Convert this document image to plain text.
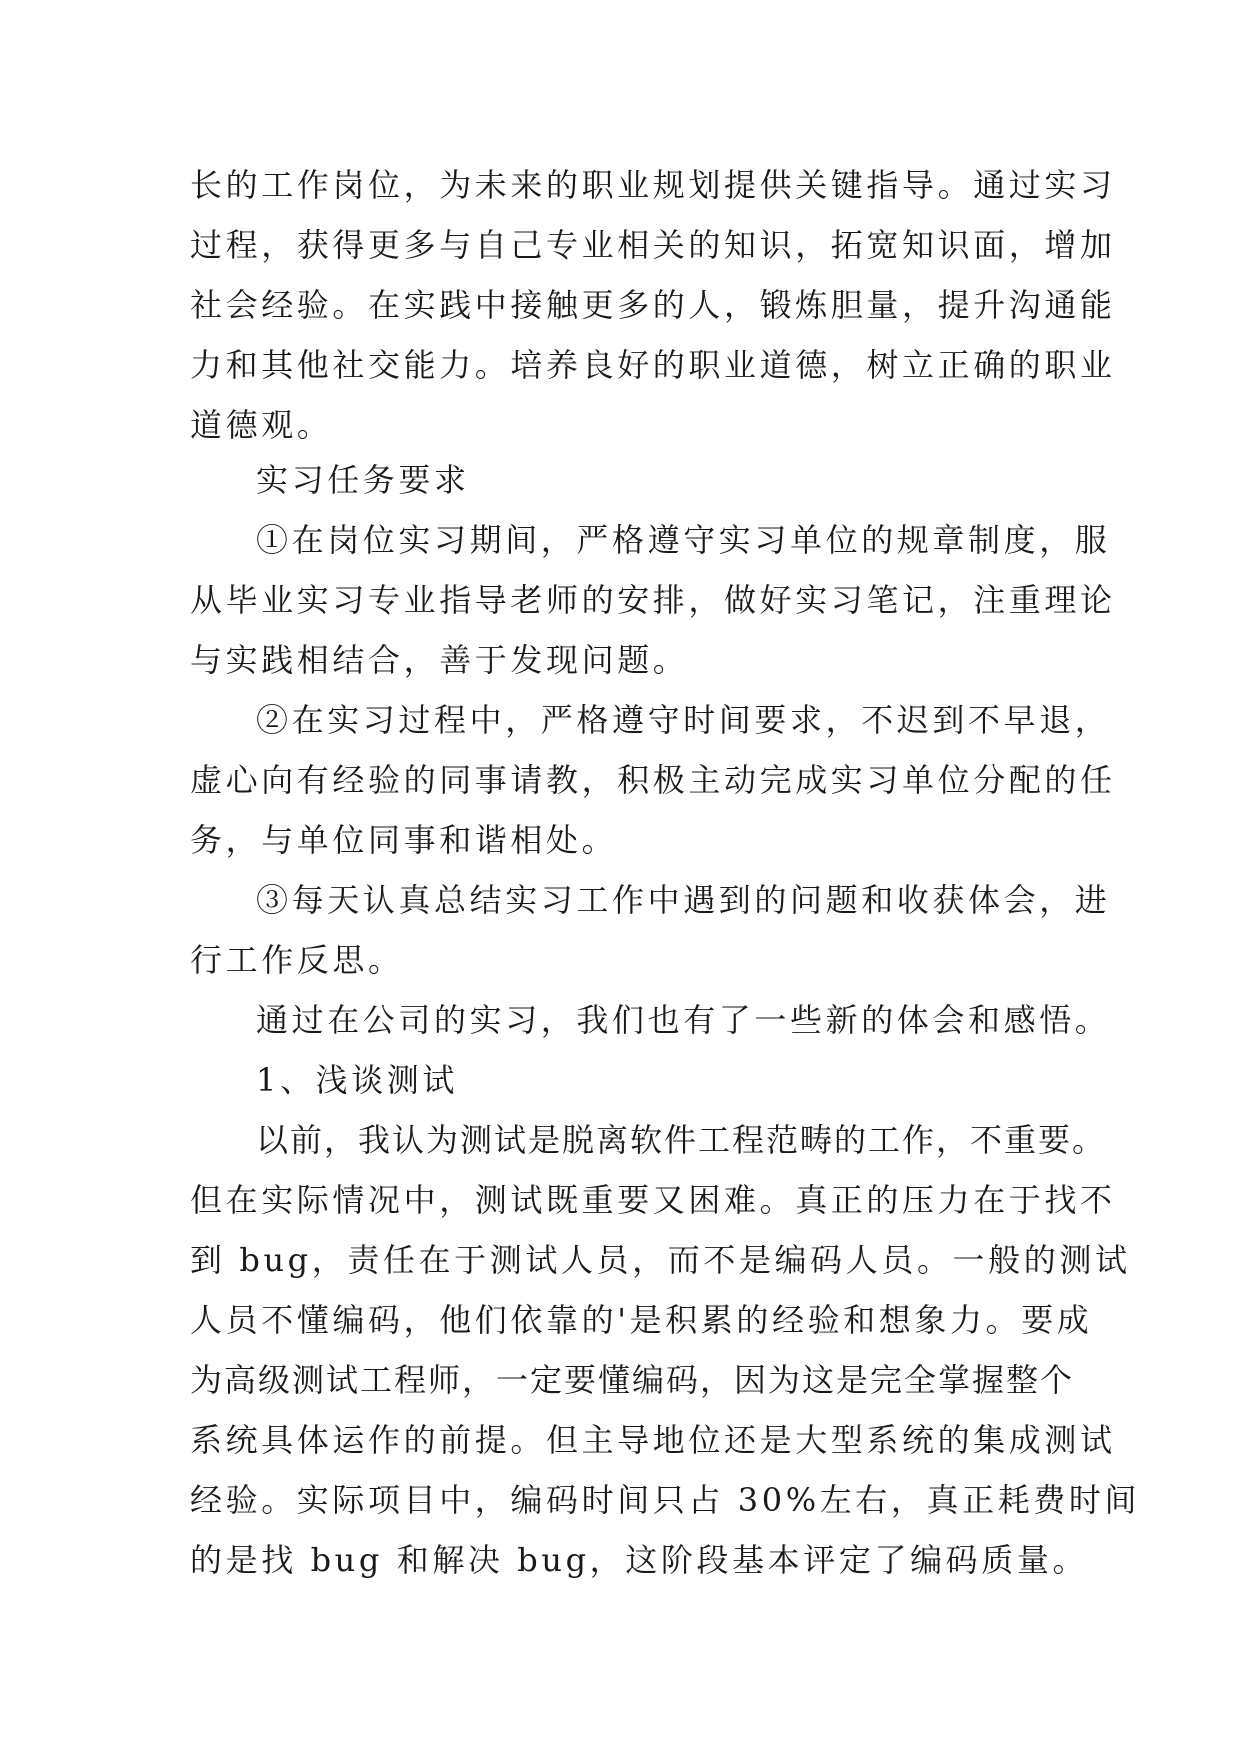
长的工作岗位，为未来的职业规划提供关键指导。通过实习
过程，获得更多与自己专业相关的知识，拓宽知识面，增加
社会经验。在实践中接触更多的人，锻炼胆量，提升沟通能
力和其他社交能力。培养良好的职业道德，树立正确的职业
道德观。
实习任务要求
①在岗位实习期间，严格遵守实习单位的规章制度，服
从毕业实习专业指导老师的安排，做好实习笔记，注重理论
与实践相结合，善于发现问题。
②在实习过程中，严格遵守时间要求，不迟到不早退，
虚心向有经验的同事请教，积极主动完成实习单位分配的任
务，与单位同事和谐相处。
③每天认真总结实习工作中遇到的问题和收获体会，进
行工作反思。
通过在公司的实习，我们也有了一些新的体会和感悟。
1、浅谈测试
以前，我认为测试是脱离软件工程范畴的工作，不重要。
但在实际情况中，测试既重要又困难。真正的压力在于找不
到 bug，责任在于测试人员，而不是编码人员。一般的测试
人员不懂编码，他们依靠的'是积累的经验和想象力。要成
为高级测试工程师，一定要懂编码，因为这是完全掌握整个
系统具体运作的前提。但主导地位还是大型系统的集成测试
经验。实际项目中，编码时间只占 30%左右，真正耗费时间
的是找 bug 和解决 bug，这阶段基本评定了编码质量。
